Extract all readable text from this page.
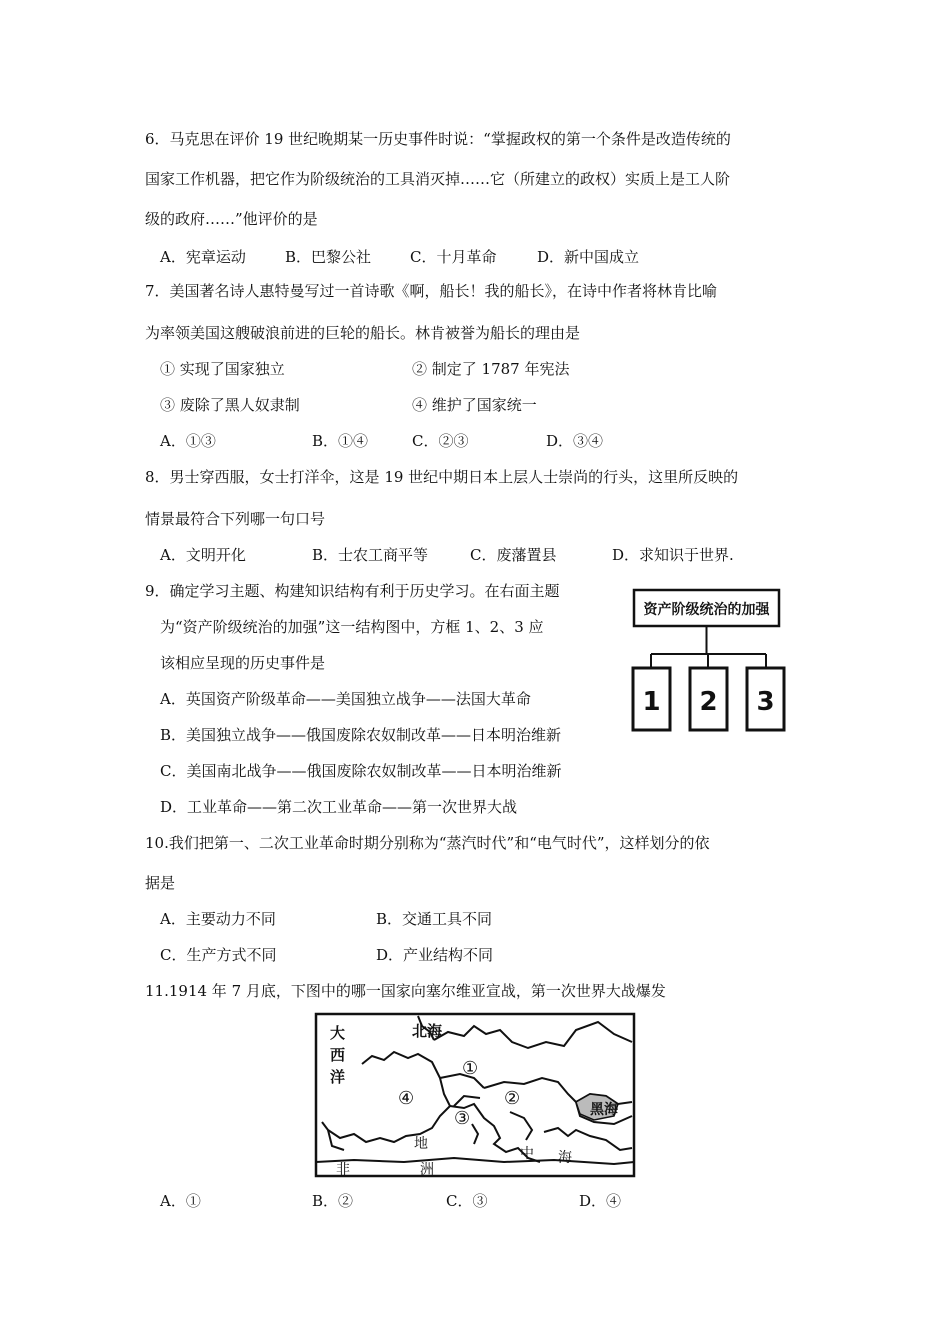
6．马克思在评价 19 世纪晚期某一历史事件时说：“掌握政权的第一个条件是改造传统的
国家工作机器，把它作为阶级统治的工具消灭掉……它（所建立的政权）实质上是工人阶
级的政府……”他评价的是
A．宪章运动	B．巴黎公社	C．十月革命	D．新中国成立
7．美国著名诗人惠特曼写过一首诗歌《啊，船长！我的船长》，在诗中作者将林肯比喻
为率领美国这艘破浪前进的巨轮的船长。林肯被誉为船长的理由是
① 实现了国家独立	② 制定了 1787 年宪法
③ 废除了黑人奴隶制	④ 维护了国家统一
A．①③	B．①④	C．②③	D．③④
8．男士穿西服，女士打洋伞，这是 19 世纪中期日本上层人士崇尚的行头，这里所反映的
情景最符合下列哪一句口号
A．文明开化	B．士农工商平等	C．废藩置县	D．求知识于世界.
9．确定学习主题、构建知识结构有利于历史学习。在右面主题
为“资产阶级统治的加强”这一结构图中，方框 1、2、3 应
该相应呈现的历史事件是
A．英国资产阶级革命——美国独立战争——法国大革命
B．美国独立战争——俄国废除农奴制改革——日本明治维新
C．美国南北战争——俄国废除农奴制改革——日本明治维新
D．工业革命——第二次工业革命——第一次世界大战
资产阶级统治的加强
1 2 3
10.我们把第一、二次工业革命时期分别称为“蒸汽时代”和“电气时代”，这样划分的依
据是
A．主要动力不同	B．交通工具不同
C．生产方式不同	D．产业结构不同
11.1914 年 7 月底，下图中的哪一国家向塞尔维亚宣战，第一次世界大战爆发
大
西
洋
北海
黑海
地
中 海
非	洲
①
②
③
④
A．①	B．②	C．③	D．④
